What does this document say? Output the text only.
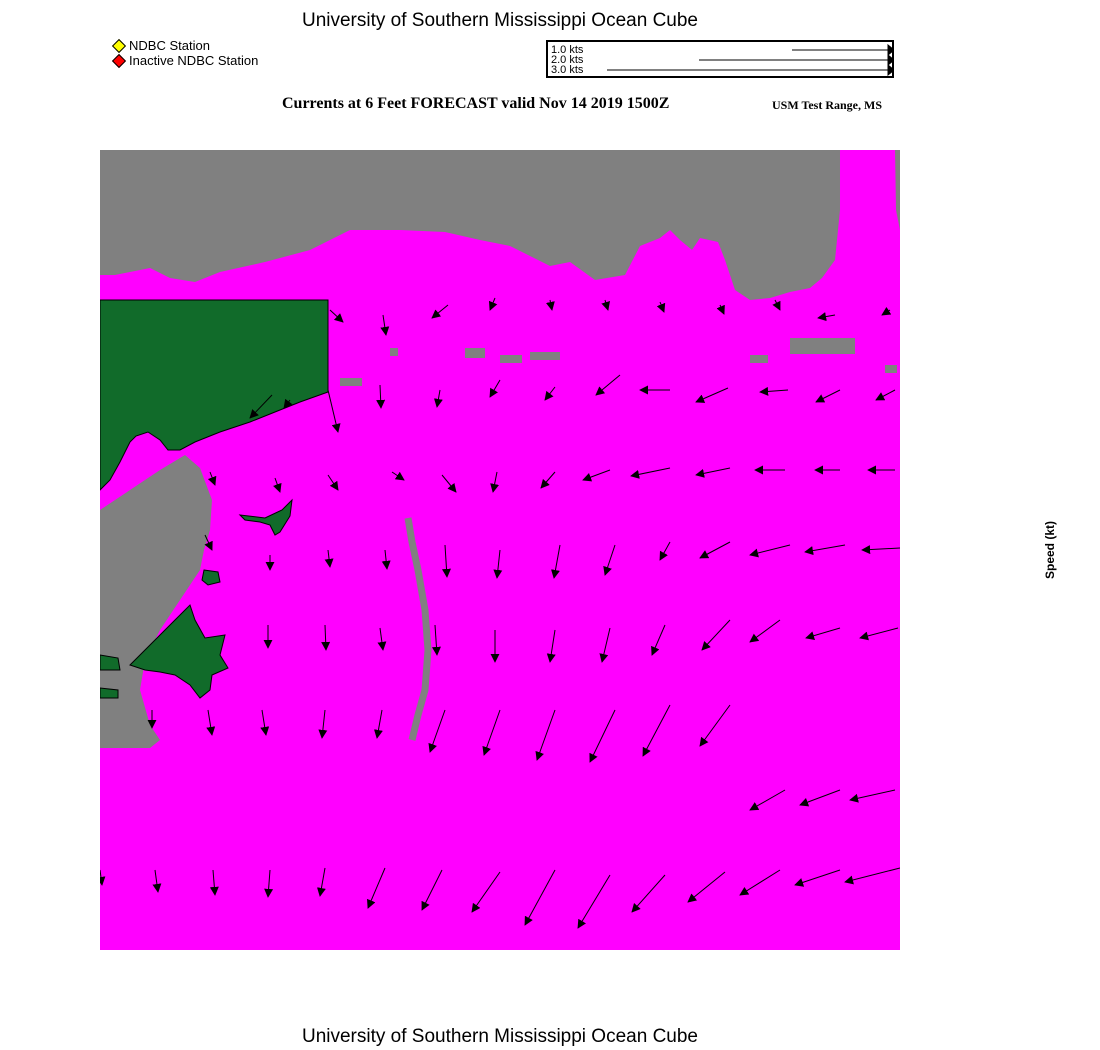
University of Southern Mississippi Ocean Cube
NDBC Station
Inactive NDBC Station
1.0 kts
2.0 kts
3.0 kts
Currents at 6 Feet FORECAST valid Nov 14 2019 1500Z	USM Test Range, MS
Speed (kt)
University of Southern Mississippi Ocean Cube
